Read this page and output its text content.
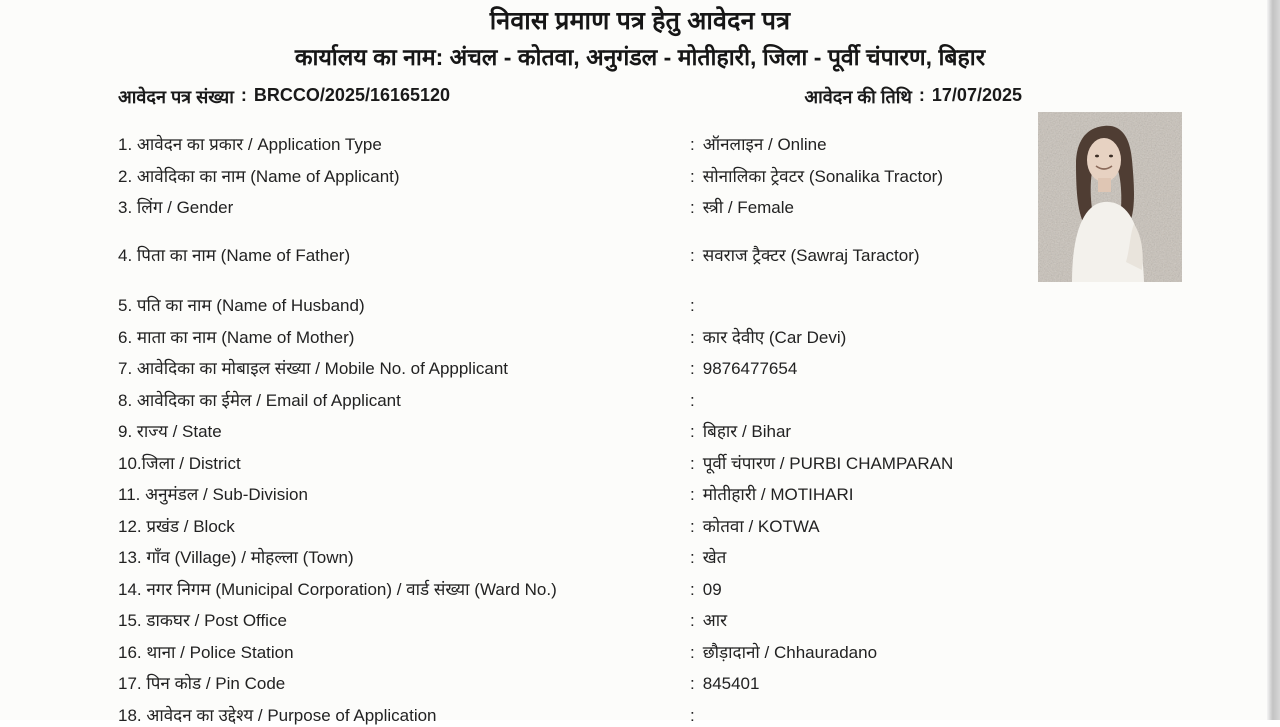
निवास प्रमाण पत्र हेतु आवेदन पत्र
कार्यालय का नाम: अंचल - कोतवा, अनुगंडल - मोतीहारी, जिला - पूर्वी चंपारण, बिहार
आवेदन पत्र संख्या : BRCCO/2025/16165120	आवेदन की तिथि : 17/07/2025
1. आवेदन का प्रकार / Application Type	: ऑनलाइन / Online
2. आवेदिका का नाम (Name of Applicant)	: सोनालिका ट्रेवटर (Sonalika Tractor)
3. लिंग / Gender	: स्त्री / Female
4. पिता का नाम (Name of Father)	: सवराज ट्रैक्टर (Sawraj Taractor)
5. पति का नाम (Name of Husband)	:
6. माता का नाम (Name of Mother)	: कार देवीए (Car Devi)
7. आवेदिका का मोबाइल संख्या / Mobile No. of Appplicant	: 9876477654
8. आवेदिका का ईमेल / Email of Applicant	:
9. राज्य / State	: बिहार / Bihar
10.जिला / District	: पूर्वी चंपारण / PURBI CHAMPARAN
11. अनुमंडल / Sub-Division	: मोतीहारी / MOTIHARI
12. प्रखंड / Block	: कोतवा / KOTWA
13. गाँव (Village) / मोहल्ला (Town)	: खेत
14. नगर निगम (Municipal Corporation) / वार्ड संख्या (Ward No.)	: 09
15. डाकघर / Post Office	: आर
16. थाना / Police Station	: छौड़ादानो / Chhauradano
17. पिन कोड / Pin Code	: 845401
18. आवेदन का उद्देश्य / Purpose of Application	:
